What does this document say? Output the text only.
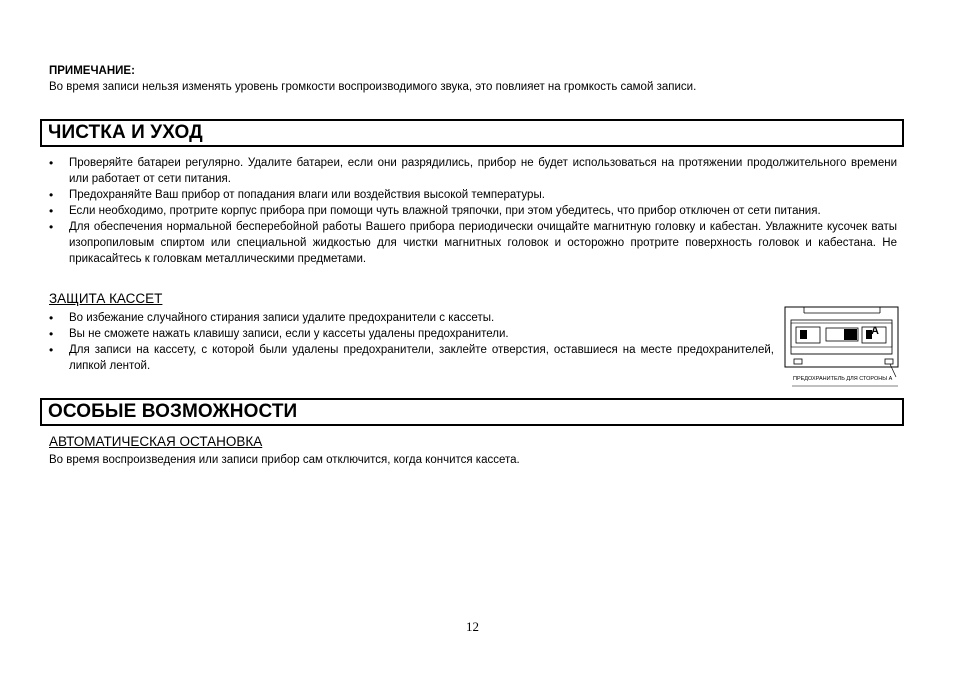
ПРИМЕЧАНИЕ:
Во время записи нельзя изменять уровень громкости воспроизводимого звука, это повлияет на громкость самой записи.
ЧИСТКА И УХОД
• Проверяйте батареи регулярно. Удалите батареи, если они разрядились, прибор не будет использоваться на протяжении продолжительного времени или работает от сети питания.
• Предохраняйте Ваш прибор от попадания влаги или воздействия высокой температуры.
• Если необходимо, протрите корпус прибора при помощи чуть влажной тряпочки, при этом убедитесь, что прибор отключен от сети питания.
• Для обеспечения нормальной бесперебойной работы Вашего прибора периодически очищайте магнитную головку и кабестан. Увлажните кусочек ваты изопропиловым спиртом или специальной жидкостью для чистки магнитных головок и осторожно протрите поверхность головок и кабестана. Не прикасайтесь к головкам металлическими предметами.
ЗАЩИТА КАССЕТ
• Во избежание случайного стирания записи удалите предохранители с кассеты.
• Вы не сможете нажать клавишу записи, если у кассеты удалены предохранители.
• Для записи на кассету, с которой были удалены предохранители, заклейте отверстия, оставшиеся на месте предохранителей, липкой лентой.
A
ПРЕДОХРАНИТЕЛЬ ДЛЯ СТОРОНЫ А
ОСОБЫЕ ВОЗМОЖНОСТИ
АВТОМАТИЧЕСКАЯ ОСТАНОВКА
Во время воспроизведения или записи прибор сам отключится, когда кончится кассета.
12
